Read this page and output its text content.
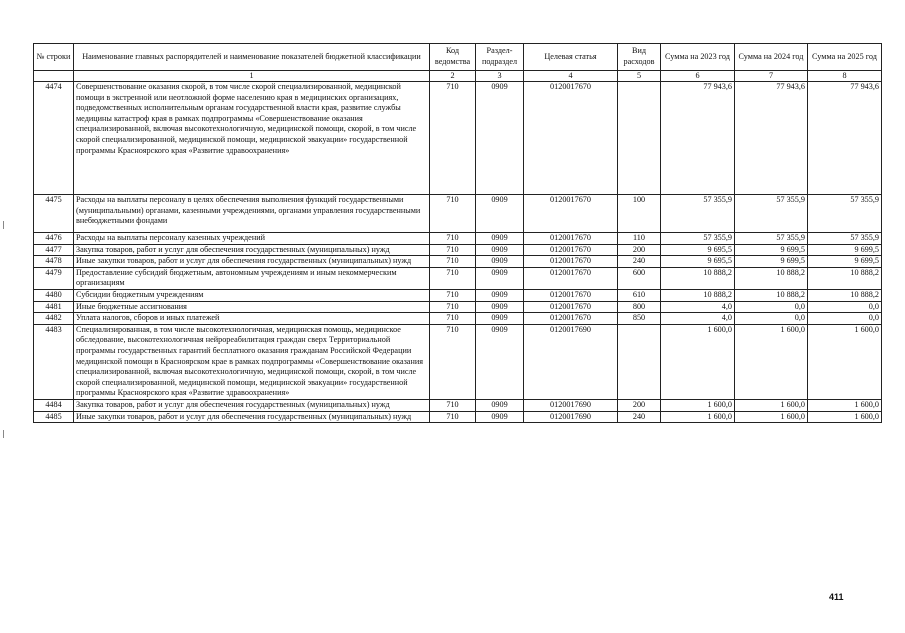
№ строки	Наименование главных распорядителей и наименование показателей бюджетной классификации	Код ведомства	Раздел-подраздел	Целевая статья	Вид расходов	Сумма на 2023 год	Сумма на 2024 год	Сумма на 2025 год
	1	2	3	4	5	6	7	8
4474	Совершенствование оказания скорой, в том числе скорой специализированной, медицинской помощи в экстренной или неотложной форме населению края в медицинских организациях, подведомственных исполнительным органам государственной власти края, развитие службы медицины катастроф края в рамках подпрограммы «Совершенствование оказания специализированной, включая высокотехнологичную, медицинской помощи, скорой, в том числе скорой специализированной, медицинской помощи, медицинской эвакуации» государственной программы Красноярского края «Развитие здравоохранения»	710	0909	0120017670		77 943,6	77 943,6	77 943,6
4475	Расходы на выплаты персоналу в целях обеспечения выполнения функций государственными (муниципальными) органами, казенными учреждениями, органами управления государственными внебюджетными фондами	710	0909	0120017670	100	57 355,9	57 355,9	57 355,9
4476	Расходы на выплаты персоналу казенных учреждений	710	0909	0120017670	110	57 355,9	57 355,9	57 355,9
4477	Закупка товаров, работ и услуг для обеспечения государственных (муниципальных) нужд	710	0909	0120017670	200	9 695,5	9 699,5	9 699,5
4478	Иные закупки товаров, работ и услуг для обеспечения государственных (муниципальных) нужд	710	0909	0120017670	240	9 695,5	9 699,5	9 699,5
4479	Предоставление субсидий бюджетным, автономным учреждениям и иным некоммерческим организациям	710	0909	0120017670	600	10 888,2	10 888,2	10 888,2
4480	Субсидии бюджетным учреждениям	710	0909	0120017670	610	10 888,2	10 888,2	10 888,2
4481	Иные бюджетные ассигнования	710	0909	0120017670	800	4,0	0,0	0,0
4482	Уплата налогов, сборов и иных платежей	710	0909	0120017670	850	4,0	0,0	0,0
4483	Специализированная, в том числе высокотехнологичная, медицинская помощь, медицинское обследование, высокотехнологичная нейрореабилитация граждан сверх Территориальной программы государственных гарантий бесплатного оказания гражданам Российской Федерации медицинской помощи в Красноярском крае в рамках подпрограммы «Совершенствование оказания специализированной, включая высокотехнологичную, медицинской помощи, скорой, в том числе скорой специализированной, медицинской помощи, медицинской эвакуации» государственной программы Красноярского края «Развитие здравоохранения»	710	0909	0120017690		1 600,0	1 600,0	1 600,0
4484	Закупка товаров, работ и услуг для обеспечения государственных (муниципальных) нужд	710	0909	0120017690	200	1 600,0	1 600,0	1 600,0
4485	Иные закупки товаров, работ и услуг для обеспечения государственных (муниципальных) нужд	710	0909	0120017690	240	1 600,0	1 600,0	1 600,0
411
